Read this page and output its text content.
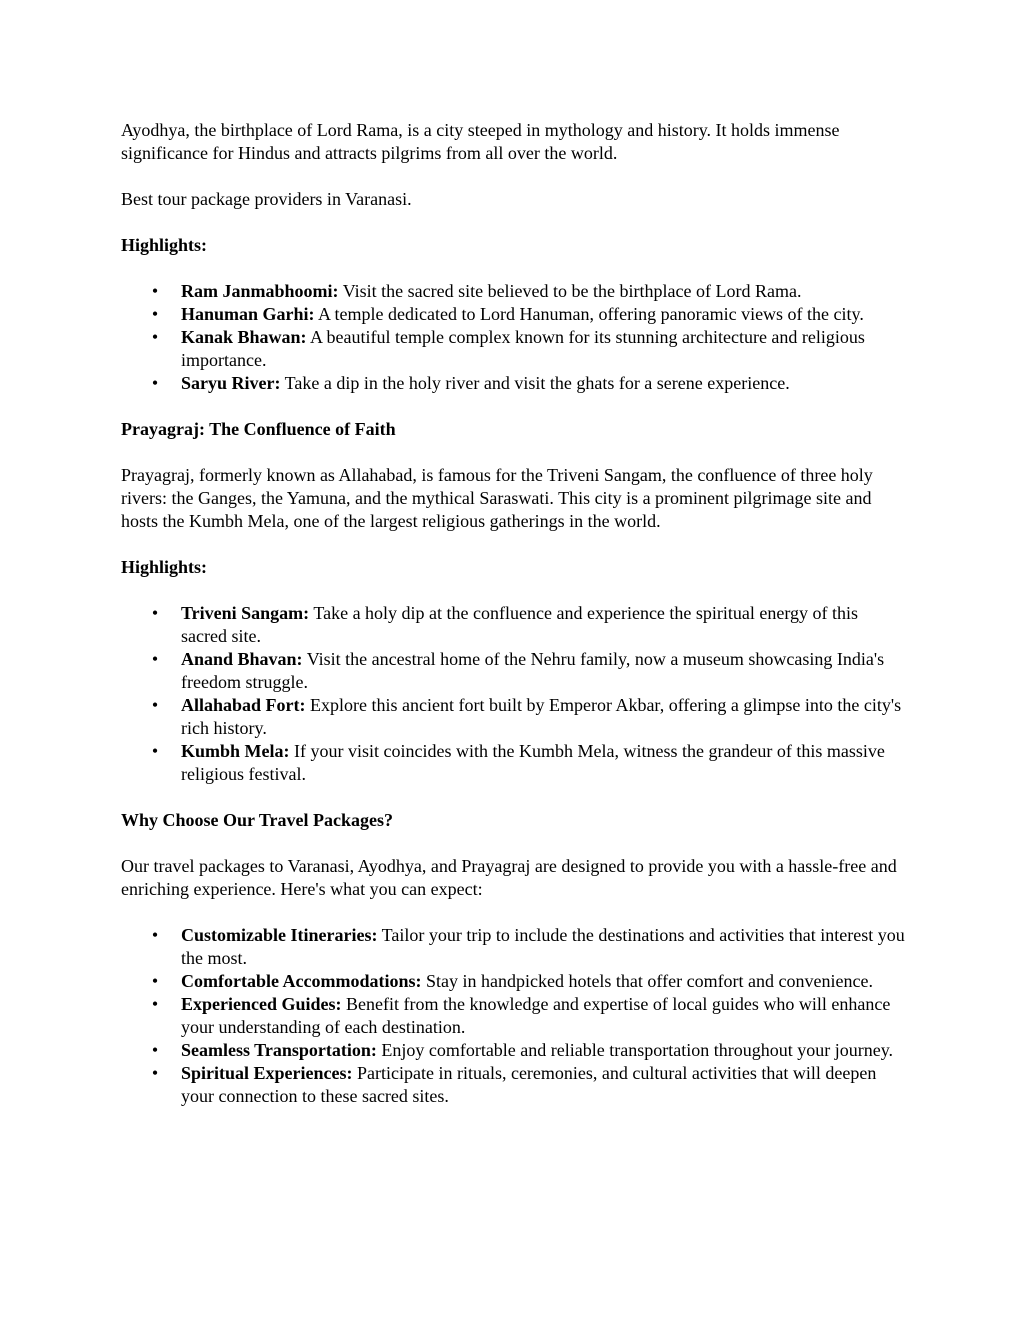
Ayodhya, the birthplace of Lord Rama, is a city steeped in mythology and history. It holds immense significance for Hindus and attracts pilgrims from all over the world.

Best tour package providers in Varanasi.

Highlights:
• Ram Janmabhoomi: Visit the sacred site believed to be the birthplace of Lord Rama.
• Hanuman Garhi: A temple dedicated to Lord Hanuman, offering panoramic views of the city.
• Kanak Bhawan: A beautiful temple complex known for its stunning architecture and religious importance.
• Saryu River: Take a dip in the holy river and visit the ghats for a serene experience.
Prayagraj: The Confluence of Faith

Prayagraj, formerly known as Allahabad, is famous for the Triveni Sangam, the confluence of three holy rivers: the Ganges, the Yamuna, and the mythical Saraswati. This city is a prominent pilgrimage site and hosts the Kumbh Mela, one of the largest religious gatherings in the world.

Highlights:
• Triveni Sangam: Take a holy dip at the confluence and experience the spiritual energy of this sacred site.
• Anand Bhavan: Visit the ancestral home of the Nehru family, now a museum showcasing India's freedom struggle.
• Allahabad Fort: Explore this ancient fort built by Emperor Akbar, offering a glimpse into the city's rich history.
• Kumbh Mela: If your visit coincides with the Kumbh Mela, witness the grandeur of this massive religious festival.
Why Choose Our Travel Packages?

Our travel packages to Varanasi, Ayodhya, and Prayagraj are designed to provide you with a hassle-free and enriching experience. Here's what you can expect:

• Customizable Itineraries: Tailor your trip to include the destinations and activities that interest you the most.
• Comfortable Accommodations: Stay in handpicked hotels that offer comfort and convenience.
• Experienced Guides: Benefit from the knowledge and expertise of local guides who will enhance your understanding of each destination.
• Seamless Transportation: Enjoy comfortable and reliable transportation throughout your journey.
• Spiritual Experiences: Participate in rituals, ceremonies, and cultural activities that will deepen your connection to these sacred sites.
